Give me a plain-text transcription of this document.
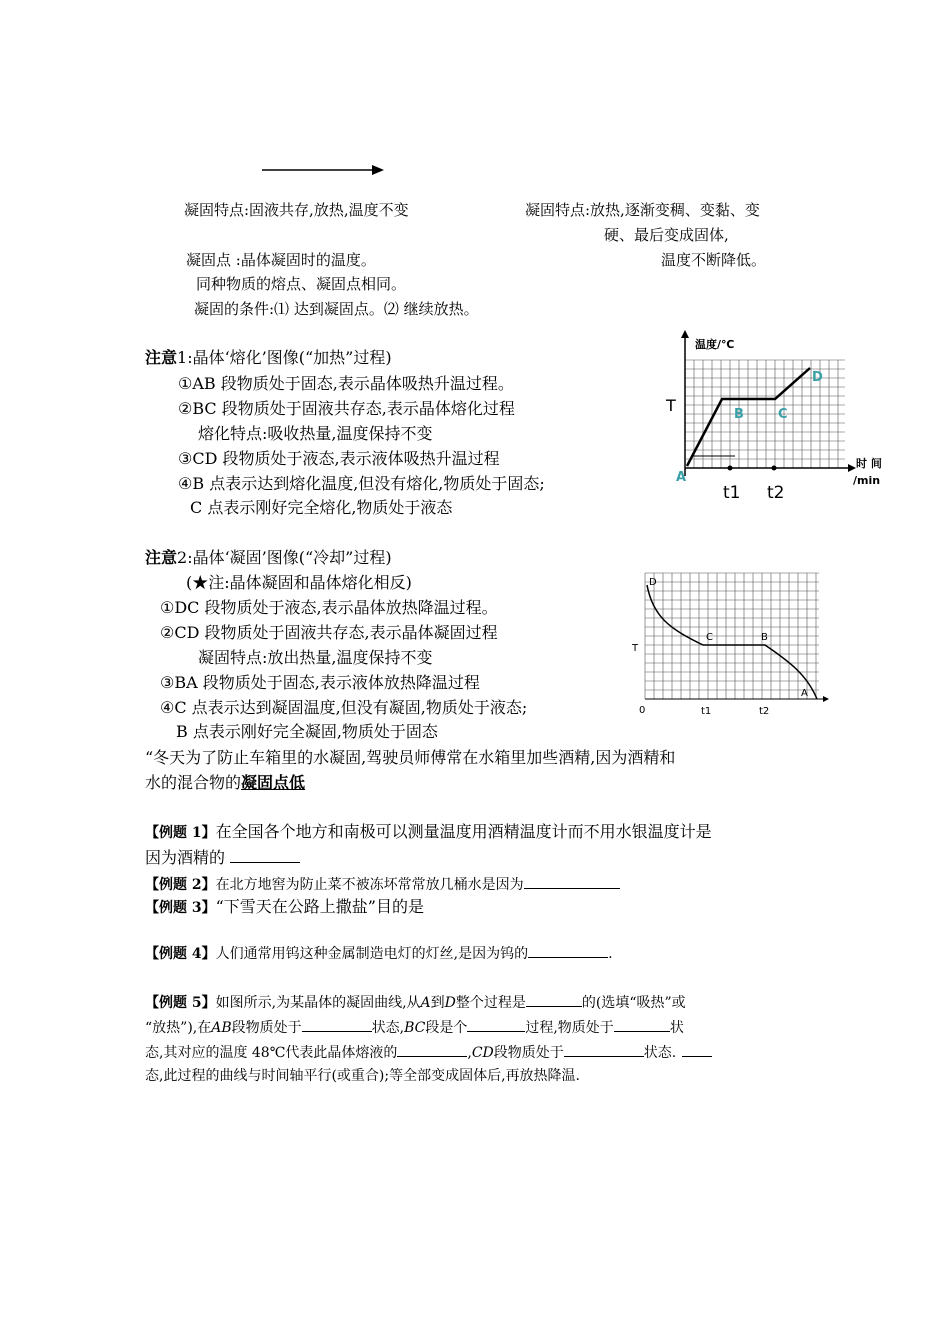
凝固特点:固液共存,放热,温度不变	凝固特点:放热,逐渐变稠、变黏、变
硬、最后变成固体,
凝固点 :晶体凝固时的温度。	温度不断降低。
同种物质的熔点、凝固点相同。
凝固的条件:⑴ 达到凝固点。⑵ 继续放热。
注意1:晶体‘熔化’图像(“加热”过程)
①AB 段物质处于固态,表示晶体吸热升温过程。
②BC 段物质处于固液共存态,表示晶体熔化过程
熔化特点:吸收热量,温度保持不变
③CD 段物质处于液态,表示液体吸热升温过程
④B 点表示达到熔化温度,但没有熔化,物质处于固态;
C 点表示刚好完全熔化,物质处于液态
温度/℃
T
A
B	C
D
时 间
/min
t1 t2
注意2:晶体‘凝固’图像(“冷却”过程)
(★注:晶体凝固和晶体熔化相反)
①DC 段物质处于液态,表示晶体放热降温过程。
②CD 段物质处于固液共存态,表示晶体凝固过程
凝固特点:放出热量,温度保持不变
③BA 段物质处于固态,表示液体放热降温过程
④C 点表示达到凝固温度,但没有凝固,物质处于液态;
B 点表示刚好完全凝固,物质处于固态
T
0
D
C	B
A
t1	t2
“冬天为了防止车箱里的水凝固,驾驶员师傅常在水箱里加些酒精,因为酒精和
水的混合物的凝固点低
【例题 1】在全国各个地方和南极可以测量温度用酒精温度计而不用水银温度计是
因为酒精的
【例题 2】在北方地窖为防止菜不被冻坏常常放几桶水是因为
【例题 3】“下雪天在公路上撒盐”目的是
【例题 4】人们通常用钨这种金属制造电灯的灯丝,是因为钨的	.
【例题 5】如图所示,为某晶体的凝固曲线,从A到D整个过程是	的(选填“吸热”或
“放热”),在AB段物质处于	状态,BC段是个	过程,物质处于	状
态,其对应的温度 48℃代表此晶体熔液的	,CD段物质处于	状态.
态,此过程的曲线与时间轴平行(或重合);等全部变成固体后,再放热降温.
